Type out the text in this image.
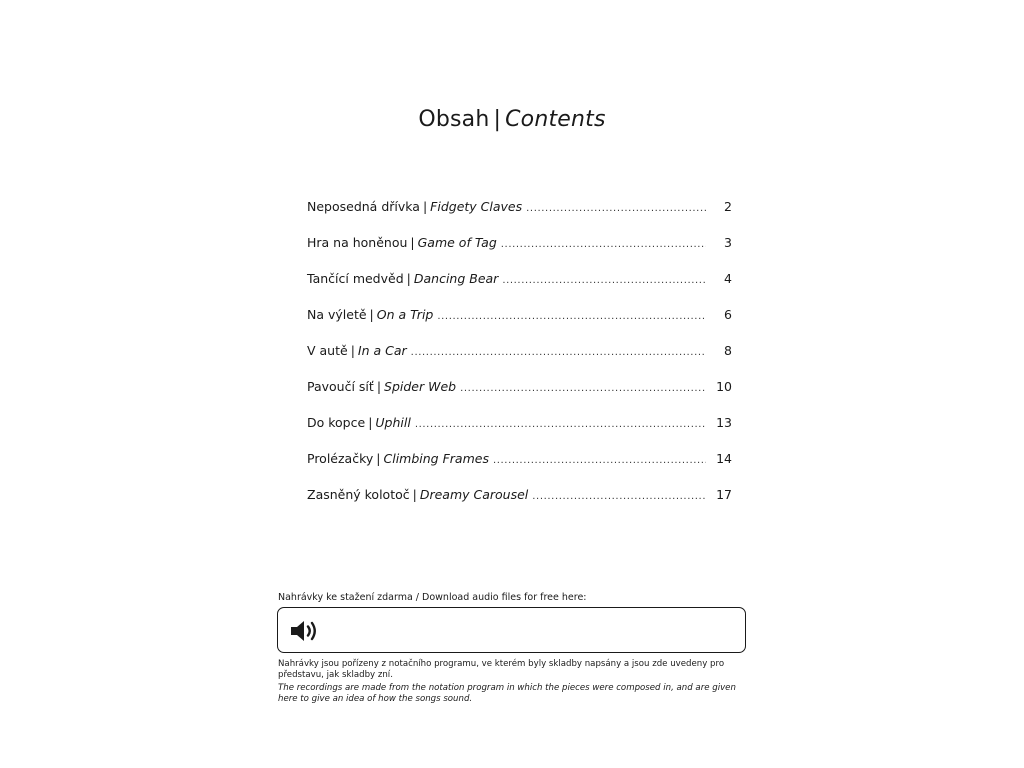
Obsah | Contents
Neposedná dřívka | Fidgety Claves .....	2
Hra na honěnou | Game of Tag .....	3
Tančící medvěd | Dancing Bear .....	4
Na výletě | On a Trip .....	6
V autě | In a Car .....	8
Pavoučí síť | Spider Web .....	10
Do kopce | Uphill .....	13
Prolézačky | Climbing Frames .....	14
Zasněný kolotoč | Dreamy Carousel .....	17
Nahrávky ke stažení zdarma / Download audio files for free here:
Nahrávky jsou pořízeny z notačního programu, ve kterém byly skladby napsány a jsou zde uvedeny pro představu, jak skladby zní.
The recordings are made from the notation program in which the pieces were composed in, and are given here to give an idea of how the songs sound.
